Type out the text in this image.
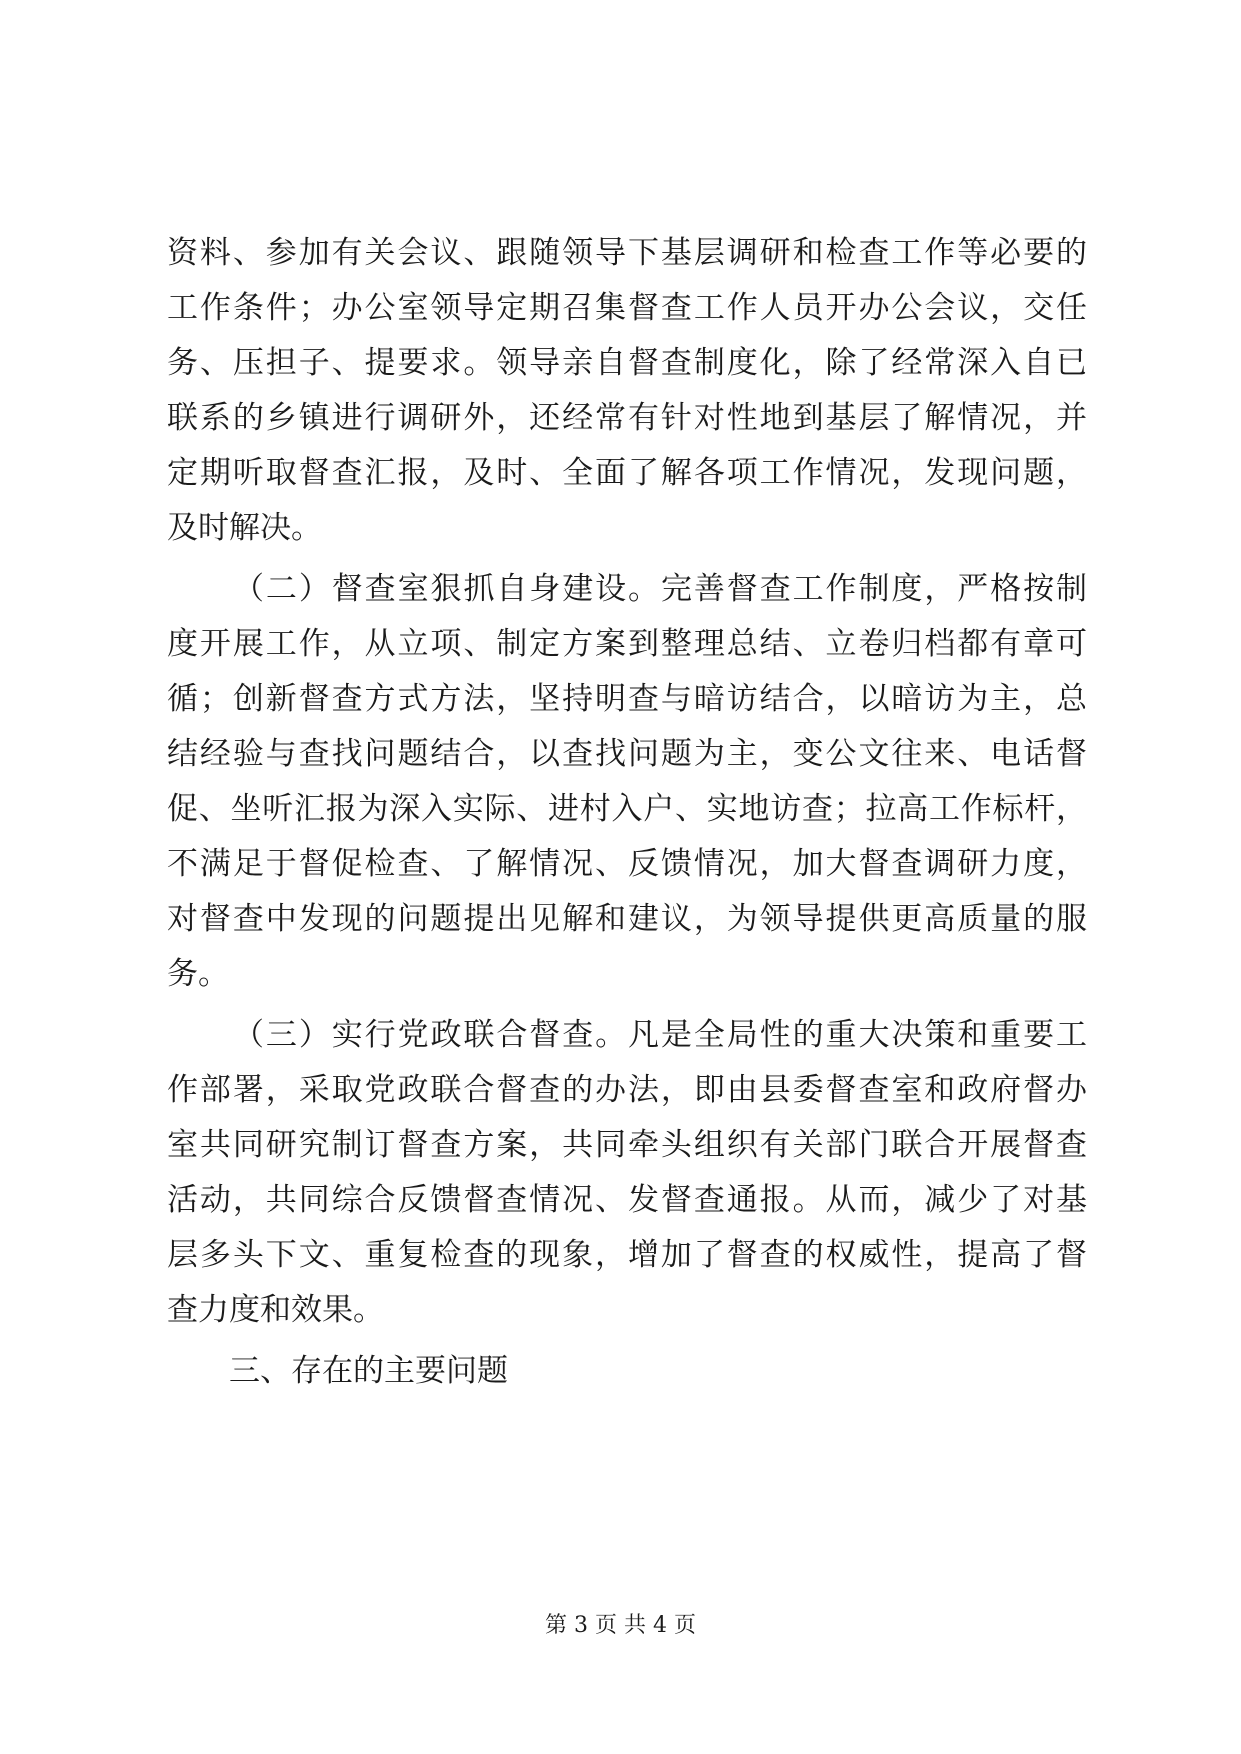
资料、参加有关会议、跟随领导下基层调研和检查工作等必要的
工作条件；办公室领导定期召集督查工作人员开办公会议，交任
务、压担子、提要求。领导亲自督查制度化，除了经常深入自已
联系的乡镇进行调研外，还经常有针对性地到基层了解情况，并
定期听取督查汇报，及时、全面了解各项工作情况，发现问题，
及时解决。
（二）督查室狠抓自身建设。完善督查工作制度，严格按制
度开展工作，从立项、制定方案到整理总结、立卷归档都有章可
循；创新督查方式方法，坚持明查与暗访结合，以暗访为主，总
结经验与查找问题结合，以查找问题为主，变公文往来、电话督
促、坐听汇报为深入实际、进村入户、实地访查；拉高工作标杆，
不满足于督促检查、了解情况、反馈情况，加大督查调研力度，
对督查中发现的问题提出见解和建议，为领导提供更高质量的服
务。
（三）实行党政联合督查。凡是全局性的重大决策和重要工
作部署，采取党政联合督查的办法，即由县委督查室和政府督办
室共同研究制订督查方案，共同牵头组织有关部门联合开展督查
活动，共同综合反馈督查情况、发督查通报。从而，减少了对基
层多头下文、重复检查的现象，增加了督查的权威性，提高了督
查力度和效果。
三、存在的主要问题
第 3 页 共 4 页
